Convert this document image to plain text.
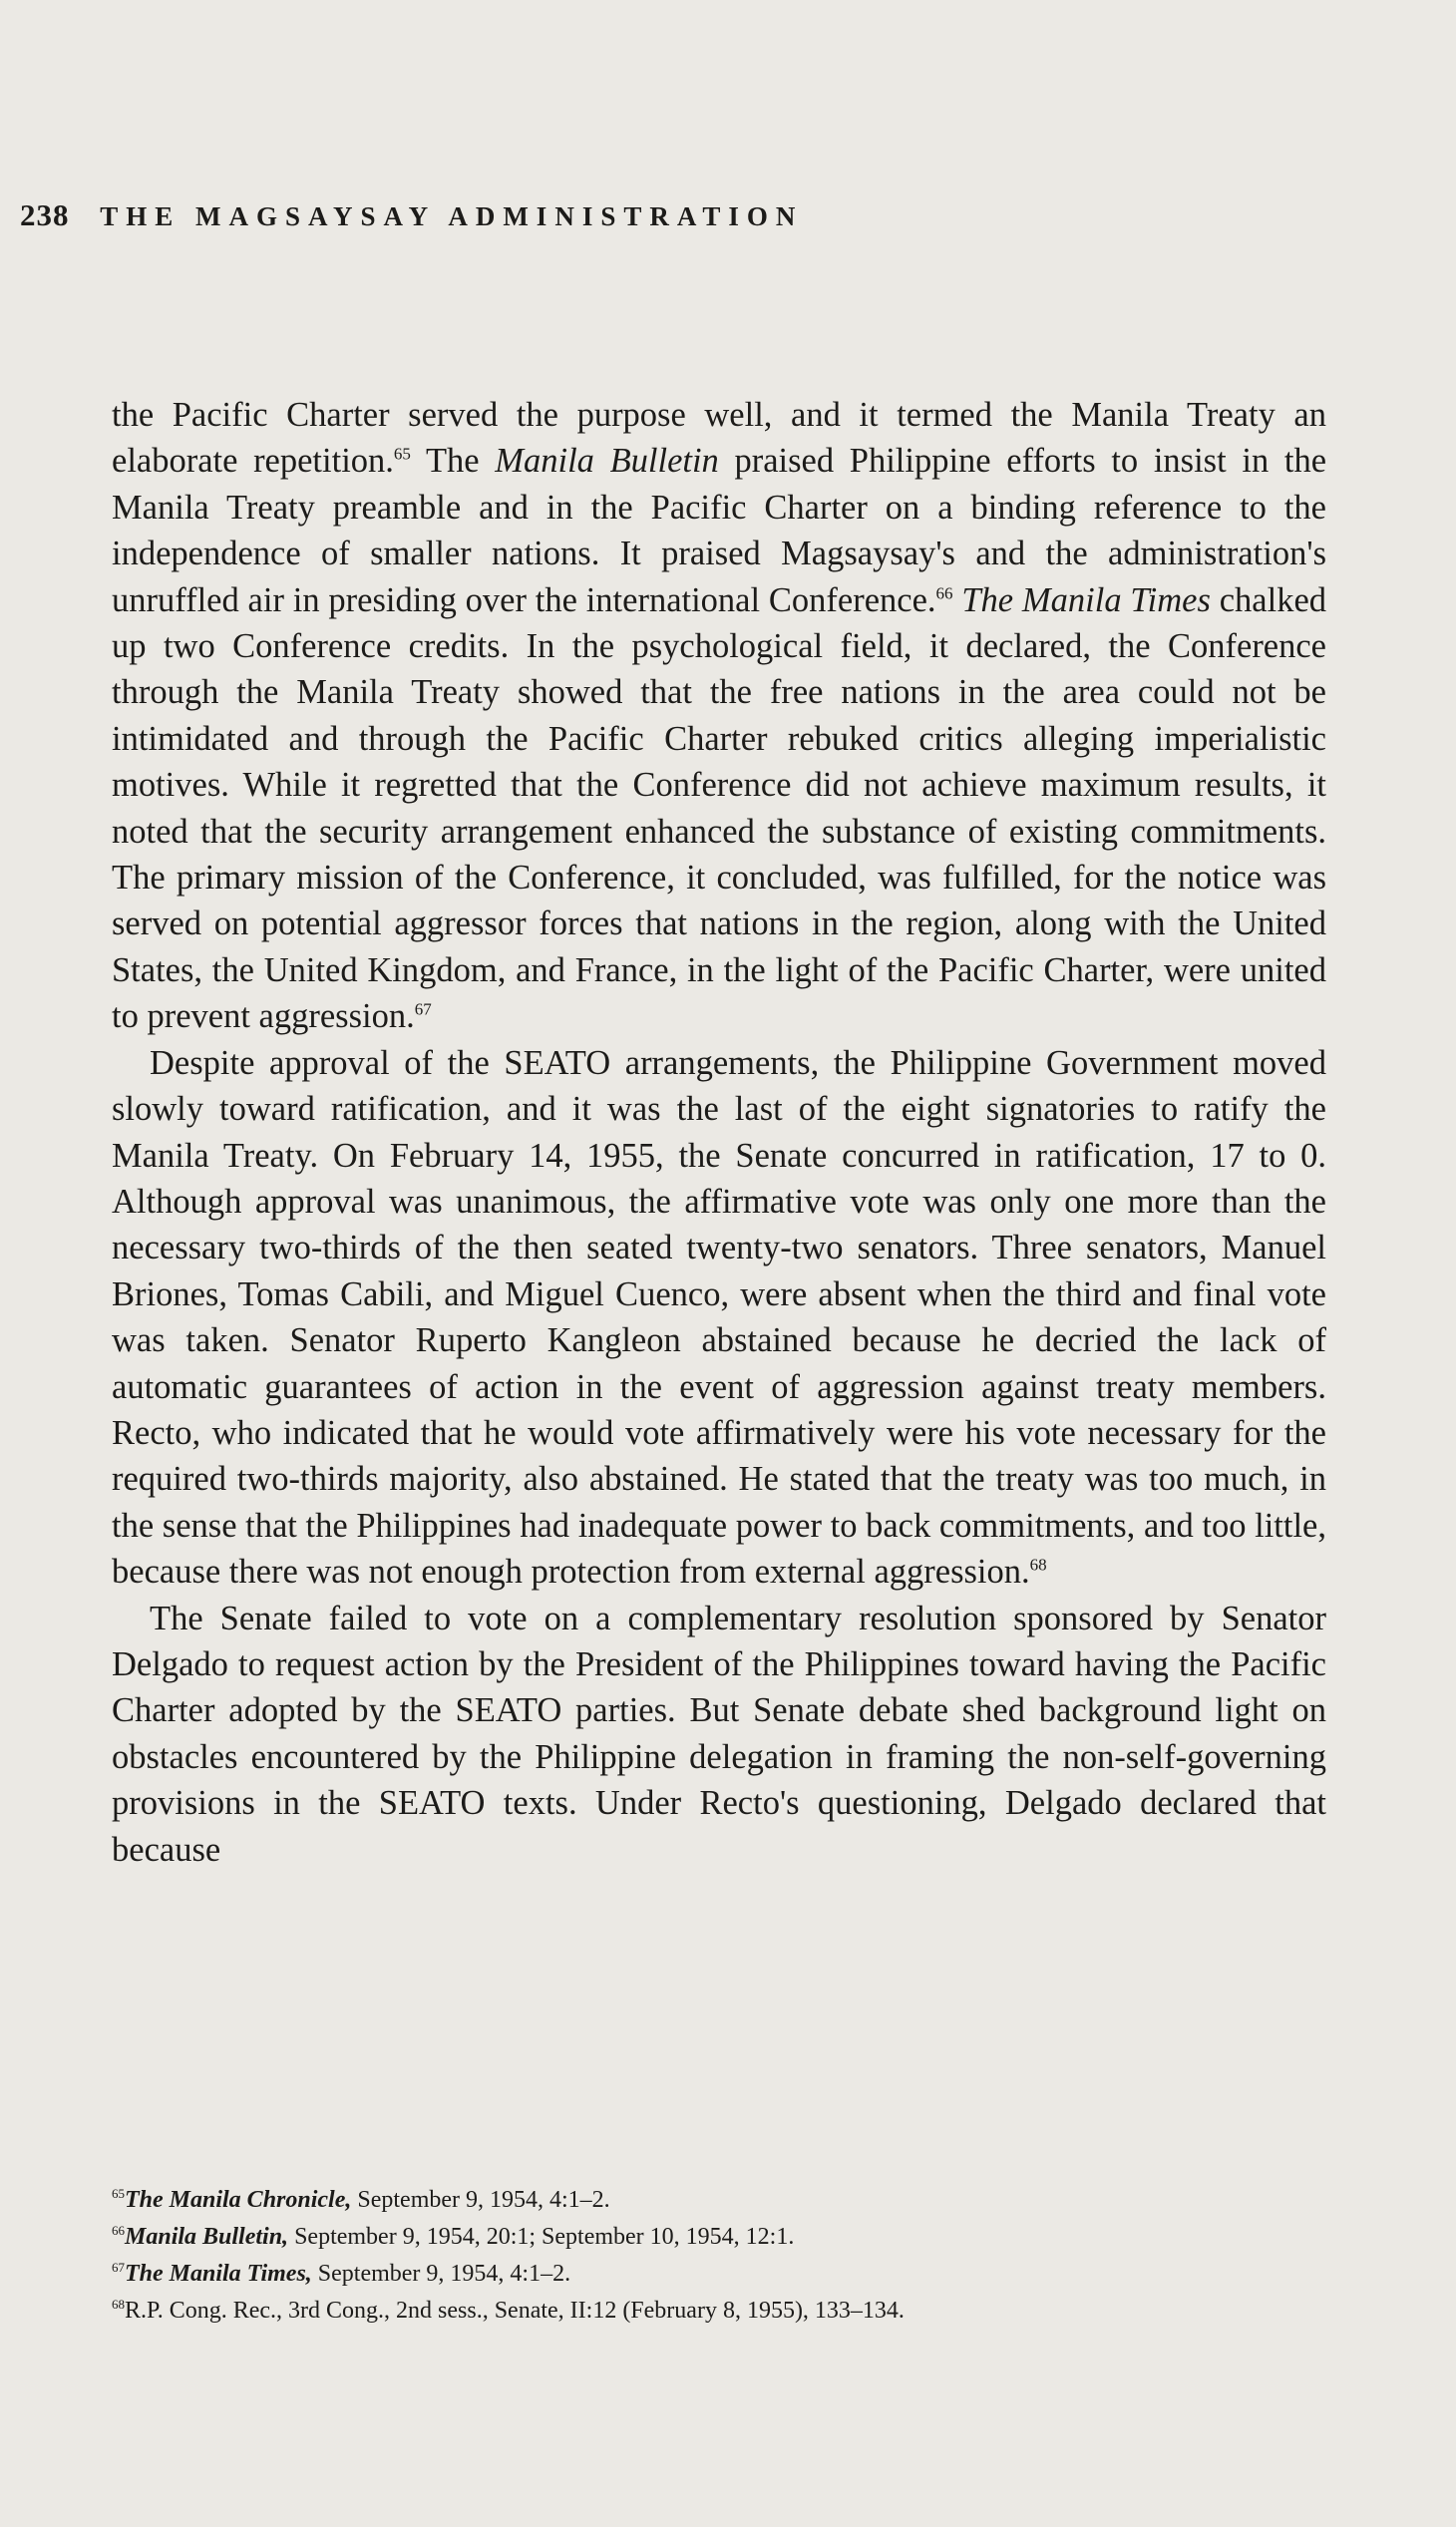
238 THE MAGSAYSAY ADMINISTRATION

the Pacific Charter served the purpose well, and it termed the Manila Treaty an elaborate repetition.$^{65}$ The Manila Bulletin praised Philippine efforts to insist in the Manila Treaty preamble and in the Pacific Charter on a binding reference to the independence of smaller nations. It praised Magsaysay's and the administration's unruffled air in presiding over the international Conference.$^{66}$ The Manila Times chalked up two Conference credits. In the psychological field, it declared, the Conference through the Manila Treaty showed that the free nations in the area could not be intimidated and through the Pacific Charter rebuked critics alleging imperialistic motives. While it regretted that the Conference did not achieve maximum results, it noted that the security arrangement enhanced the substance of existing commitments. The primary mission of the Conference, it concluded, was fulfilled, for the notice was served on potential aggressor forces that nations in the region, along with the United States, the United Kingdom, and France, in the light of the Pacific Charter, were united to prevent aggression.$^{67}$

Despite approval of the SEATO arrangements, the Philippine Government moved slowly toward ratification, and it was the last of the eight signatories to ratify the Manila Treaty. On February 14, 1955, the Senate concurred in ratification, 17 to 0. Although approval was unanimous, the affirmative vote was only one more than the necessary two-thirds of the then seated twenty-two senators. Three senators, Manuel Briones, Tomas Cabili, and Miguel Cuenco, were absent when the third and final vote was taken. Senator Ruperto Kangleon abstained because he decried the lack of automatic guarantees of action in the event of aggression against treaty members. Recto, who indicated that he would vote affirmatively were his vote necessary for the required two-thirds majority, also abstained. He stated that the treaty was too much, in the sense that the Philippines had inadequate power to back commitments, and too little, because there was not enough protection from external aggression.$^{68}$

The Senate failed to vote on a complementary resolution sponsored by Senator Delgado to request action by the President of the Philippines toward having the Pacific Charter adopted by the SEATO parties. But Senate debate shed background light on obstacles encountered by the Philippine delegation in framing the non-self-governing provisions in the SEATO texts. Under Recto's questioning, Delgado declared that because

$^{65}$The Manila Chronicle, September 9, 1954, 4:1–2.
$^{66}$Manila Bulletin, September 9, 1954, 20:1; September 10, 1954, 12:1.
$^{67}$The Manila Times, September 9, 1954, 4:1–2.
$^{68}$R.P. Cong. Rec., 3rd Cong., 2nd sess., Senate, II:12 (February 8, 1955), 133–134.
